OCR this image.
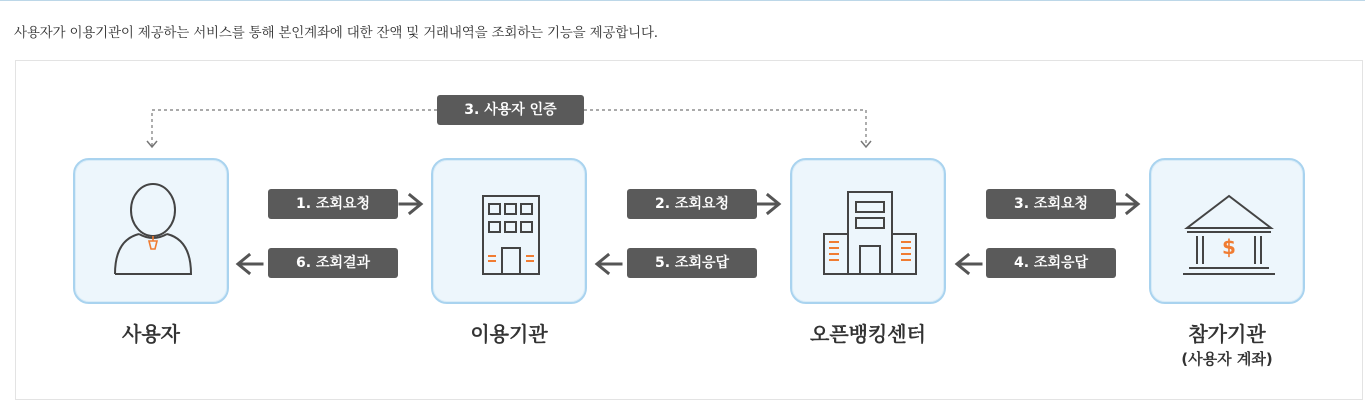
사용자가 이용기관이 제공하는 서비스를 통해 본인계좌에 대한 잔액 및 거래내역을 조회하는 기능을 제공합니다.
3. 사용자 인증
1. 조회요청
6. 조회결과
2. 조회요청
5. 조회응답
3. 조회요청
4. 조회응답
사용자	이용기관	오픈뱅킹센터
$
참가기관
(사용자 계좌)
